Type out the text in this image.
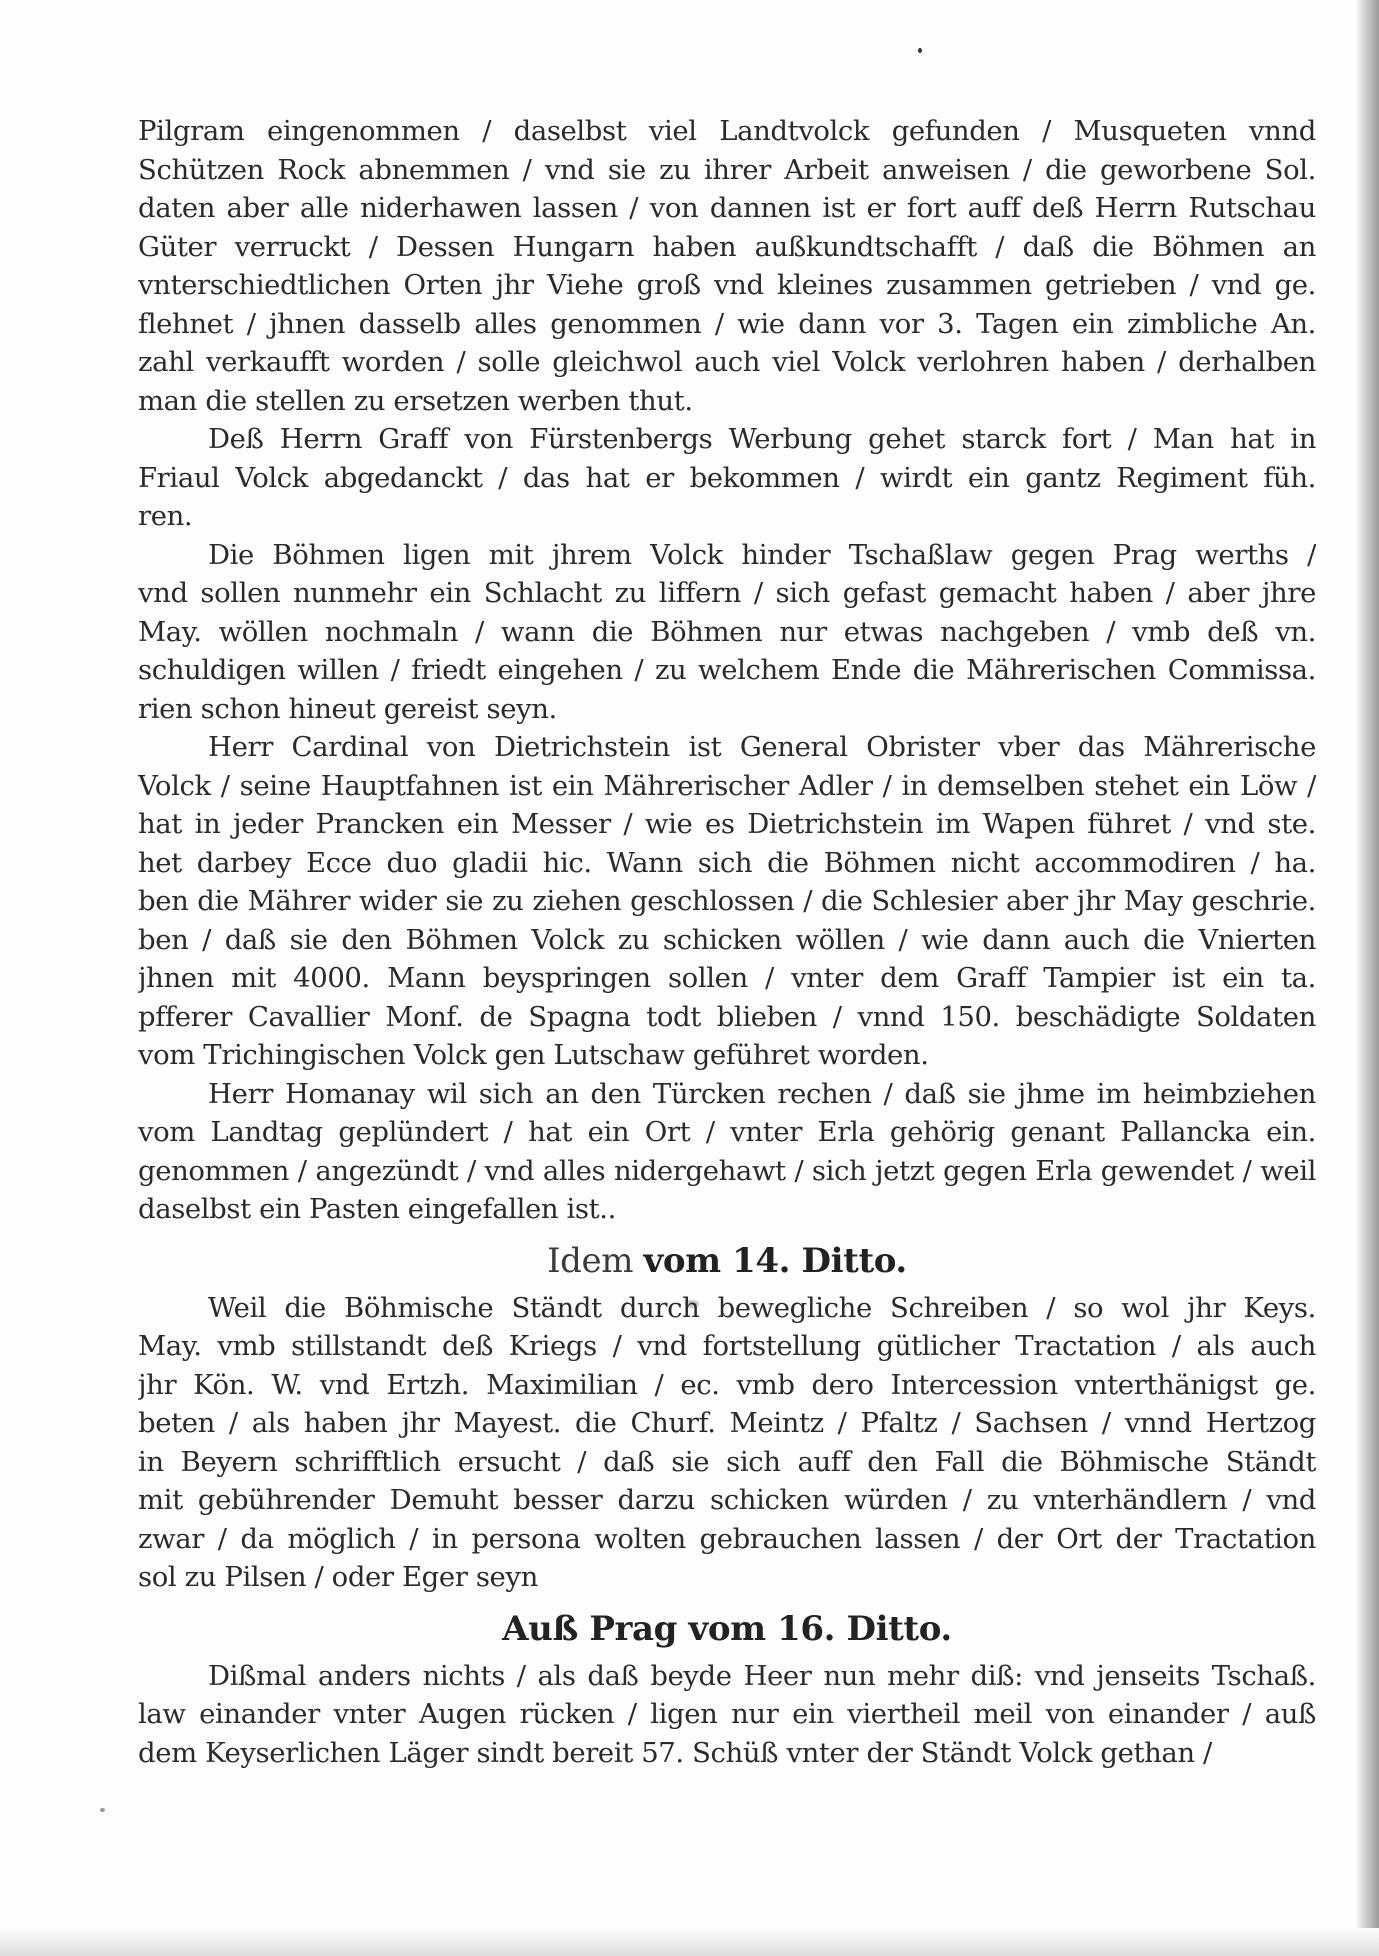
Pilgram eingenommen / daselbst viel Landtvolck gefunden / Musqueten vnnd
Schützen Rock abnemmen / vnd sie zu ihrer Arbeit anweisen / die geworbene Sol.
daten aber alle niderhawen lassen / von dannen ist er fort auff deß Herrn Rutschau
Güter verruckt / Dessen Hungarn haben außkundtschafft / daß die Böhmen an
vnterschiedtlichen Orten jhr Viehe groß vnd kleines zusammen getrieben / vnd ge.
flehnet / jhnen dasselb alles genommen / wie dann vor 3. Tagen ein zimbliche An.
zahl verkaufft worden / solle gleichwol auch viel Volck verlohren haben / derhalben
man die stellen zu ersetzen werben thut.
Deß Herrn Graff von Fürstenbergs Werbung gehet starck fort / Man hat in
Friaul Volck abgedanckt / das hat er bekommen / wirdt ein gantz Regiment füh.
ren.
Die Böhmen ligen mit jhrem Volck hinder Tschaßlaw gegen Prag werths /
vnd sollen nunmehr ein Schlacht zu liffern / sich gefast gemacht haben / aber jhre
May. wöllen nochmaln / wann die Böhmen nur etwas nachgeben / vmb deß vn.
schuldigen willen / friedt eingehen / zu welchem Ende die Mährerischen Commissa.
rien schon hineut gereist seyn.
Herr Cardinal von Dietrichstein ist General Obrister vber das Mährerische
Volck / seine Hauptfahnen ist ein Mährerischer Adler / in demselben stehet ein Löw /
hat in jeder Prancken ein Messer / wie es Dietrichstein im Wapen führet / vnd ste.
het darbey Ecce duo gladii hic. Wann sich die Böhmen nicht accommodiren / ha.
ben die Mährer wider sie zu ziehen geschlossen / die Schlesier aber jhr May geschrie.
ben / daß sie den Böhmen Volck zu schicken wöllen / wie dann auch die Vnierten
jhnen mit 4000. Mann beyspringen sollen / vnter dem Graff Tampier ist ein ta.
pfferer Cavallier Monf. de Spagna todt blieben / vnnd 150. beschädigte Soldaten
vom Trichingischen Volck gen Lutschaw geführet worden.
Herr Homanay wil sich an den Türcken rechen / daß sie jhme im heimbziehen
vom Landtag geplündert / hat ein Ort / vnter Erla gehörig genant Pallancka ein.
genommen / angezündt / vnd alles nidergehawt / sich jetzt gegen Erla gewendet / weil
daselbst ein Pasten eingefallen ist..
Idem vom 14. Ditto.
Weil die Böhmische Ständt durch bewegliche Schreiben / so wol jhr Keys.
May. vmb stillstandt deß Kriegs / vnd fortstellung gütlicher Tractation / als auch
jhr Kön. W. vnd Ertzh. Maximilian / ec. vmb dero Intercession vnterthänigst ge.
beten / als haben jhr Mayest. die Churf. Meintz / Pfaltz / Sachsen / vnnd Hertzog
in Beyern schrifftlich ersucht / daß sie sich auff den Fall die Böhmische Ständt
mit gebührender Demuht besser darzu schicken würden / zu vnterhändlern / vnd
zwar / da möglich / in persona wolten gebrauchen lassen / der Ort der Tractation
sol zu Pilsen / oder Eger seyn
Auß Prag vom 16. Ditto.
Dißmal anders nichts / als daß beyde Heer nun mehr diß: vnd jenseits Tschaß.
law einander vnter Augen rücken / ligen nur ein viertheil meil von einander / auß
dem Keyserlichen Läger sindt bereit 57. Schüß vnter der Ständt Volck gethan /
